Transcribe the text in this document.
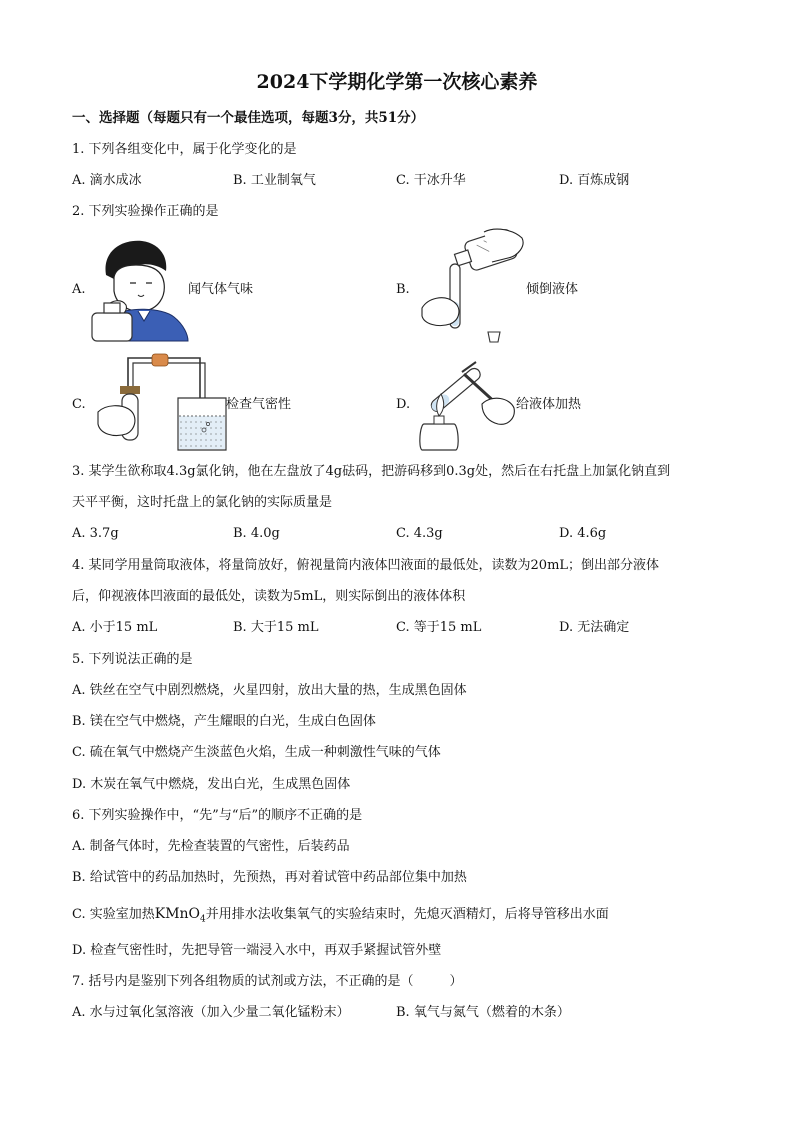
2024下学期化学第一次核心素养
一、选择题（每题只有一个最佳选项，每题3分，共51分）
1. 下列各组变化中，属于化学变化的是
A. 滴水成冰	B. 工业制氧气	C. 干冰升华	D. 百炼成钢
2. 下列实验操作正确的是
A.	闻气体气味	B.	倾倒液体
C.	检查气密性	D.	给液体加热
3. 某学生欲称取4.3g氯化钠，他在左盘放了4g砝码，把游码移到0.3g处，然后在右托盘上加氯化钠直到
天平平衡，这时托盘上的氯化钠的实际质量是
A. 3.7g	B. 4.0g	C. 4.3g	D. 4.6g
4. 某同学用量筒取液体，将量筒放好，俯视量筒内液体凹液面的最低处，读数为20mL；倒出部分液体
后，仰视液体凹液面的最低处，读数为5mL，则实际倒出的液体体积
A. 小于15 mL	B. 大于15 mL	C. 等于15 mL	D. 无法确定
5. 下列说法正确的是
A. 铁丝在空气中剧烈燃烧，火星四射，放出大量的热，生成黑色固体
B. 镁在空气中燃烧，产生耀眼的白光，生成白色固体
C. 硫在氧气中燃烧产生淡蓝色火焰，生成一种刺激性气味的气体
D. 木炭在氧气中燃烧，发出白光，生成黑色固体
6. 下列实验操作中，“先”与“后”的顺序不正确的是
A. 制备气体时，先检查装置的气密性，后装药品
B. 给试管中的药品加热时，先预热，再对着试管中药品部位集中加热
C. 实验室加热KMnO$_4$并用排水法收集氧气的实验结束时，先熄灭酒精灯，后将导管移出水面
D. 检查气密性时，先把导管一端浸入水中，再双手紧握试管外壁
7. 括号内是鉴别下列各组物质的试剂或方法，不正确的是（	）
A. 水与过氧化氢溶液（加入少量二氧化锰粉末）	B. 氧气与氮气（燃着的木条）
